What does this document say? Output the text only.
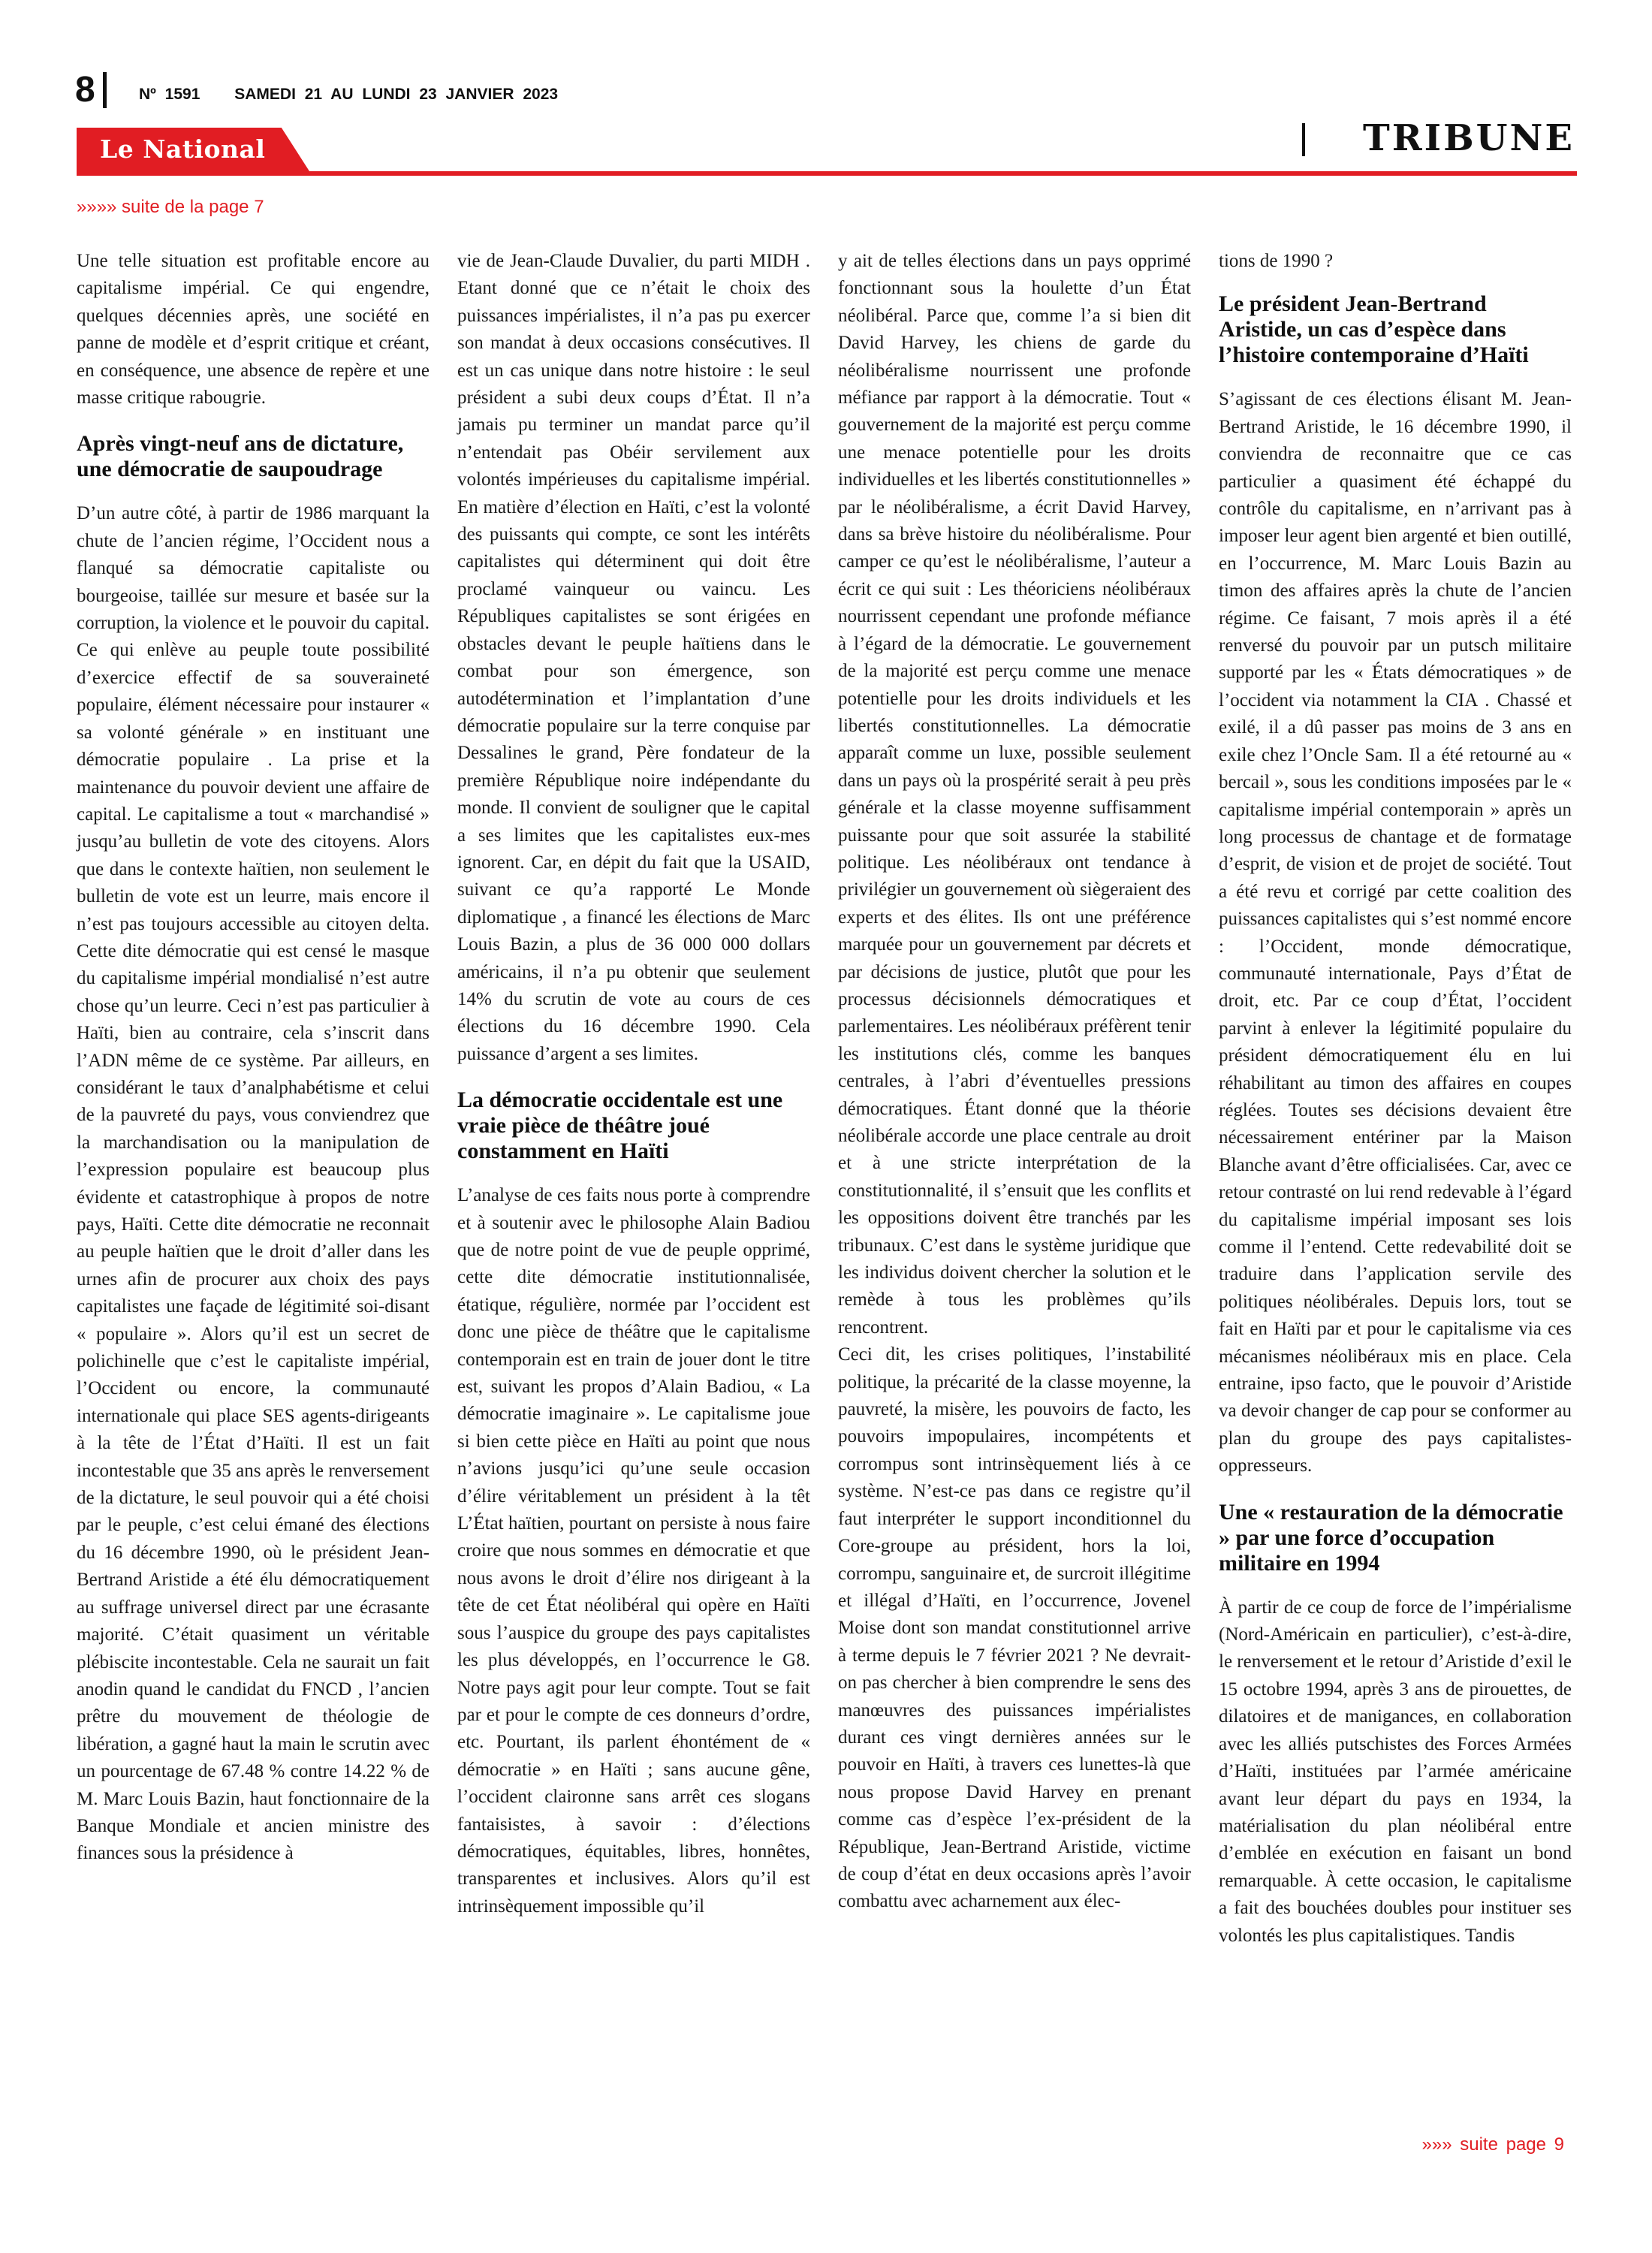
8	Nº 1591 SAMEDI 21 AU LUNDI 23 JANVIER 2023
Le National	TRIBUNE
»»»» suite de la page 7

Une telle situation est profitable encore au capitalisme impérial. Ce qui engendre, quelques décennies après, une société en panne de modèle et d’esprit critique et créant, en conséquence, une absence de repère et une masse critique rabougrie.

Après vingt-neuf ans de dictature, une démocratie de saupoudrage

D’un autre côté, à partir de 1986 marquant la chute de l’ancien régime, l’Occident nous a flanqué sa démocratie capitaliste ou bourgeoise, taillée sur mesure et basée sur la corruption, la violence et le pouvoir du capital. Ce qui enlève au peuple toute possibilité d’exercice effectif de sa souveraineté populaire, élément nécessaire pour instaurer « sa volonté générale » en instituant une démocratie populaire . La prise et la maintenance du pouvoir devient une affaire de capital. Le capitalisme a tout « marchandisé » jusqu’au bulletin de vote des citoyens. Alors que dans le contexte haïtien, non seulement le bulletin de vote est un leurre, mais encore il n’est pas toujours accessible au citoyen delta. Cette dite démocratie qui est censé le masque du capitalisme impérial mondialisé n’est autre chose qu’un leurre. Ceci n’est pas particulier à Haïti, bien au contraire, cela s’inscrit dans l’ADN même de ce système. Par ailleurs, en considérant le taux d’analphabétisme et celui de la pauvreté du pays, vous conviendrez que la marchandisation ou la manipulation de l’expression populaire est beaucoup plus évidente et catastrophique à propos de notre pays, Haïti. Cette dite démocratie ne reconnait au peuple haïtien que le droit d’aller dans les urnes afin de procurer aux choix des pays capitalistes une façade de légitimité soi-disant « populaire ». Alors qu’il est un secret de polichinelle que c’est le capitaliste impérial, l’Occident ou encore, la communauté internationale qui place SES agents-dirigeants à la tête de l’État d’Haïti. Il est un fait incontestable que 35 ans après le renversement de la dictature, le seul pouvoir qui a été choisi par le peuple, c’est celui émané des élections du 16 décembre 1990, où le président Jean-Bertrand Aristide a été élu démocratiquement au suffrage universel direct par une écrasante majorité. C’était quasiment un véritable plébiscite incontestable. Cela ne saurait un fait anodin quand le candidat du FNCD , l’ancien prêtre du mouvement de théologie de libération, a gagné haut la main le scrutin avec un pourcentage de 67.48 % contre 14.22 % de M. Marc Louis Bazin, haut fonctionnaire de la Banque Mondiale et ancien ministre des finances sous la présidence à

vie de Jean-Claude Duvalier, du parti MIDH . Etant donné que ce n’était le choix des puissances impérialistes, il n’a pas pu exercer son mandat à deux occasions consécutives. Il est un cas unique dans notre histoire : le seul président a subi deux coups d’État. Il n’a jamais pu terminer un mandat parce qu’il n’entendait pas Obéir servilement aux volontés impérieuses du capitalisme impérial. En matière d’élection en Haïti, c’est la volonté des puissants qui compte, ce sont les intérêts capitalistes qui déterminent qui doit être proclamé vainqueur ou vaincu. Les Républiques capitalistes se sont érigées en obstacles devant le peuple haïtiens dans le combat pour son émergence, son autodétermination et l’implantation d’une démocratie populaire sur la terre conquise par Dessalines le grand, Père fondateur de la première République noire indépendante du monde. Il convient de souligner que le capital a ses limites que les capitalistes eux-mes ignorent. Car, en dépit du fait que la USAID, suivant ce qu’a rapporté Le Monde diplomatique , a financé les élections de Marc Louis Bazin, a plus de 36 000 000 dollars américains, il n’a pu obtenir que seulement 14% du scrutin de vote au cours de ces élections du 16 décembre 1990. Cela puissance d’argent a ses limites.

La démocratie occidentale est une vraie pièce de théâtre joué constamment en Haïti

L’analyse de ces faits nous porte à comprendre et à soutenir avec le philosophe Alain Badiou que de notre point de vue de peuple opprimé, cette dite démocratie institutionnalisée, étatique, régulière, normée par l’occident est donc une pièce de théâtre que le capitalisme contemporain est en train de jouer dont le titre est, suivant les propos d’Alain Badiou, « La démocratie imaginaire ». Le capitalisme joue si bien cette pièce en Haïti au point que nous n’avions jusqu’ici qu’une seule occasion d’élire véritablement un président à la têt L’État haïtien, pourtant on persiste à nous faire croire que nous sommes en démocratie et que nous avons le droit d’élire nos dirigeant à la tête de cet État néolibéral qui opère en Haïti sous l’auspice du groupe des pays capitalistes les plus développés, en l’occurrence le G8. Notre pays agit pour leur compte. Tout se fait par et pour le compte de ces donneurs d’ordre, etc. Pourtant, ils parlent éhontément de « démocratie » en Haïti ; sans aucune gêne, l’occident claironne sans arrêt ces slogans fantaisistes, à savoir : d’élections démocratiques, équitables, libres, honnêtes, transparentes et inclusives. Alors qu’il est intrinsèquement impossible qu’il

y ait de telles élections dans un pays opprimé fonctionnant sous la houlette d’un État néolibéral. Parce que, comme l’a si bien dit David Harvey, les chiens de garde du néolibéralisme nourrissent une profonde méfiance par rapport à la démocratie. Tout « gouvernement de la majorité est perçu comme une menace potentielle pour les droits individuelles et les libertés constitutionnelles » par le néolibéralisme, a écrit David Harvey, dans sa brève histoire du néolibéralisme. Pour camper ce qu’est le néolibéralisme, l’auteur a écrit ce qui suit : Les théoriciens néolibéraux nourrissent cependant une profonde méfiance à l’égard de la démocratie. Le gouvernement de la majorité est perçu comme une menace potentielle pour les droits individuels et les libertés constitutionnelles. La démocratie apparaît comme un luxe, possible seulement dans un pays où la prospérité serait à peu près générale et la classe moyenne suffisamment puissante pour que soit assurée la stabilité politique. Les néolibéraux ont tendance à privilégier un gouvernement où siègeraient des experts et des élites. Ils ont une préférence marquée pour un gouvernement par décrets et par décisions de justice, plutôt que pour les processus décisionnels démocratiques et parlementaires. Les néolibéraux préfèrent tenir les institutions clés, comme les banques centrales, à l’abri d’éventuelles pressions démocratiques. Étant donné que la théorie néolibérale accorde une place centrale au droit et à une stricte interprétation de la constitutionnalité, il s’ensuit que les conflits et les oppositions doivent être tranchés par les tribunaux. C’est dans le système juridique que les individus doivent chercher la solution et le remède à tous les problèmes qu’ils rencontrent.

Ceci dit, les crises politiques, l’instabilité politique, la précarité de la classe moyenne, la pauvreté, la misère, les pouvoirs de facto, les pouvoirs impopulaires, incompétents et corrompus sont intrinsèquement liés à ce système. N’est-ce pas dans ce registre qu’il faut interpréter le support inconditionnel du Core-groupe au président, hors la loi, corrompu, sanguinaire et, de surcroit illégitime et illégal d’Haïti, en l’occurrence, Jovenel Moise dont son mandat constitutionnel arrive à terme depuis le 7 février 2021 ? Ne devrait-on pas chercher à bien comprendre le sens des manœuvres des puissances impérialistes durant ces vingt dernières années sur le pouvoir en Haïti, à travers ces lunettes-là que nous propose David Harvey en prenant comme cas d’espèce l’ex-président de la République, Jean-Bertrand Aristide, victime de coup d’état en deux occasions après l’avoir combattu avec acharnement aux élec-

tions de 1990 ?

Le président Jean-Bertrand Aristide, un cas d’espèce dans l’histoire contemporaine d’Haïti

S’agissant de ces élections élisant M. Jean-Bertrand Aristide, le 16 décembre 1990, il conviendra de reconnaitre que ce cas particulier a quasiment été échappé du contrôle du capitalisme, en n’arrivant pas à imposer leur agent bien argenté et bien outillé, en l’occurrence, M. Marc Louis Bazin au timon des affaires après la chute de l’ancien régime. Ce faisant, 7 mois après il a été renversé du pouvoir par un putsch militaire supporté par les « États démocratiques » de l’occident via notamment la CIA . Chassé et exilé, il a dû passer pas moins de 3 ans en exile chez l’Oncle Sam. Il a été retourné au « bercail », sous les conditions imposées par le « capitalisme impérial contemporain » après un long processus de chantage et de formatage d’esprit, de vision et de projet de société. Tout a été revu et corrigé par cette coalition des puissances capitalistes qui s’est nommé encore : l’Occident, monde démocratique, communauté internationale, Pays d’État de droit, etc. Par ce coup d’État, l’occident parvint à enlever la légitimité populaire du président démocratiquement élu en lui réhabilitant au timon des affaires en coupes réglées. Toutes ses décisions devaient être nécessairement entériner par la Maison Blanche avant d’être officialisées. Car, avec ce retour contrasté on lui rend redevable à l’égard du capitalisme impérial imposant ses lois comme il l’entend. Cette redevabilité doit se traduire dans l’application servile des politiques néolibérales. Depuis lors, tout se fait en Haïti par et pour le capitalisme via ces mécanismes néolibéraux mis en place. Cela entraine, ipso facto, que le pouvoir d’Aristide va devoir changer de cap pour se conformer au plan du groupe des pays capitalistes-oppresseurs.

Une « restauration de la démocratie » par une force d’occupation militaire en 1994

À partir de ce coup de force de l’impérialisme (Nord-Américain en particulier), c’est-à-dire, le renversement et le retour d’Aristide d’exil le 15 octobre 1994, après 3 ans de pirouettes, de dilatoires et de manigances, en collaboration avec les alliés putschistes des Forces Armées d’Haïti, instituées par l’armée américaine avant leur départ du pays en 1934, la matérialisation du plan néolibéral entre d’emblée en exécution en faisant un bond remarquable. À cette occasion, le capitalisme a fait des bouchées doubles pour instituer ses volontés les plus capitalistiques. Tandis

»»» suite page 9
